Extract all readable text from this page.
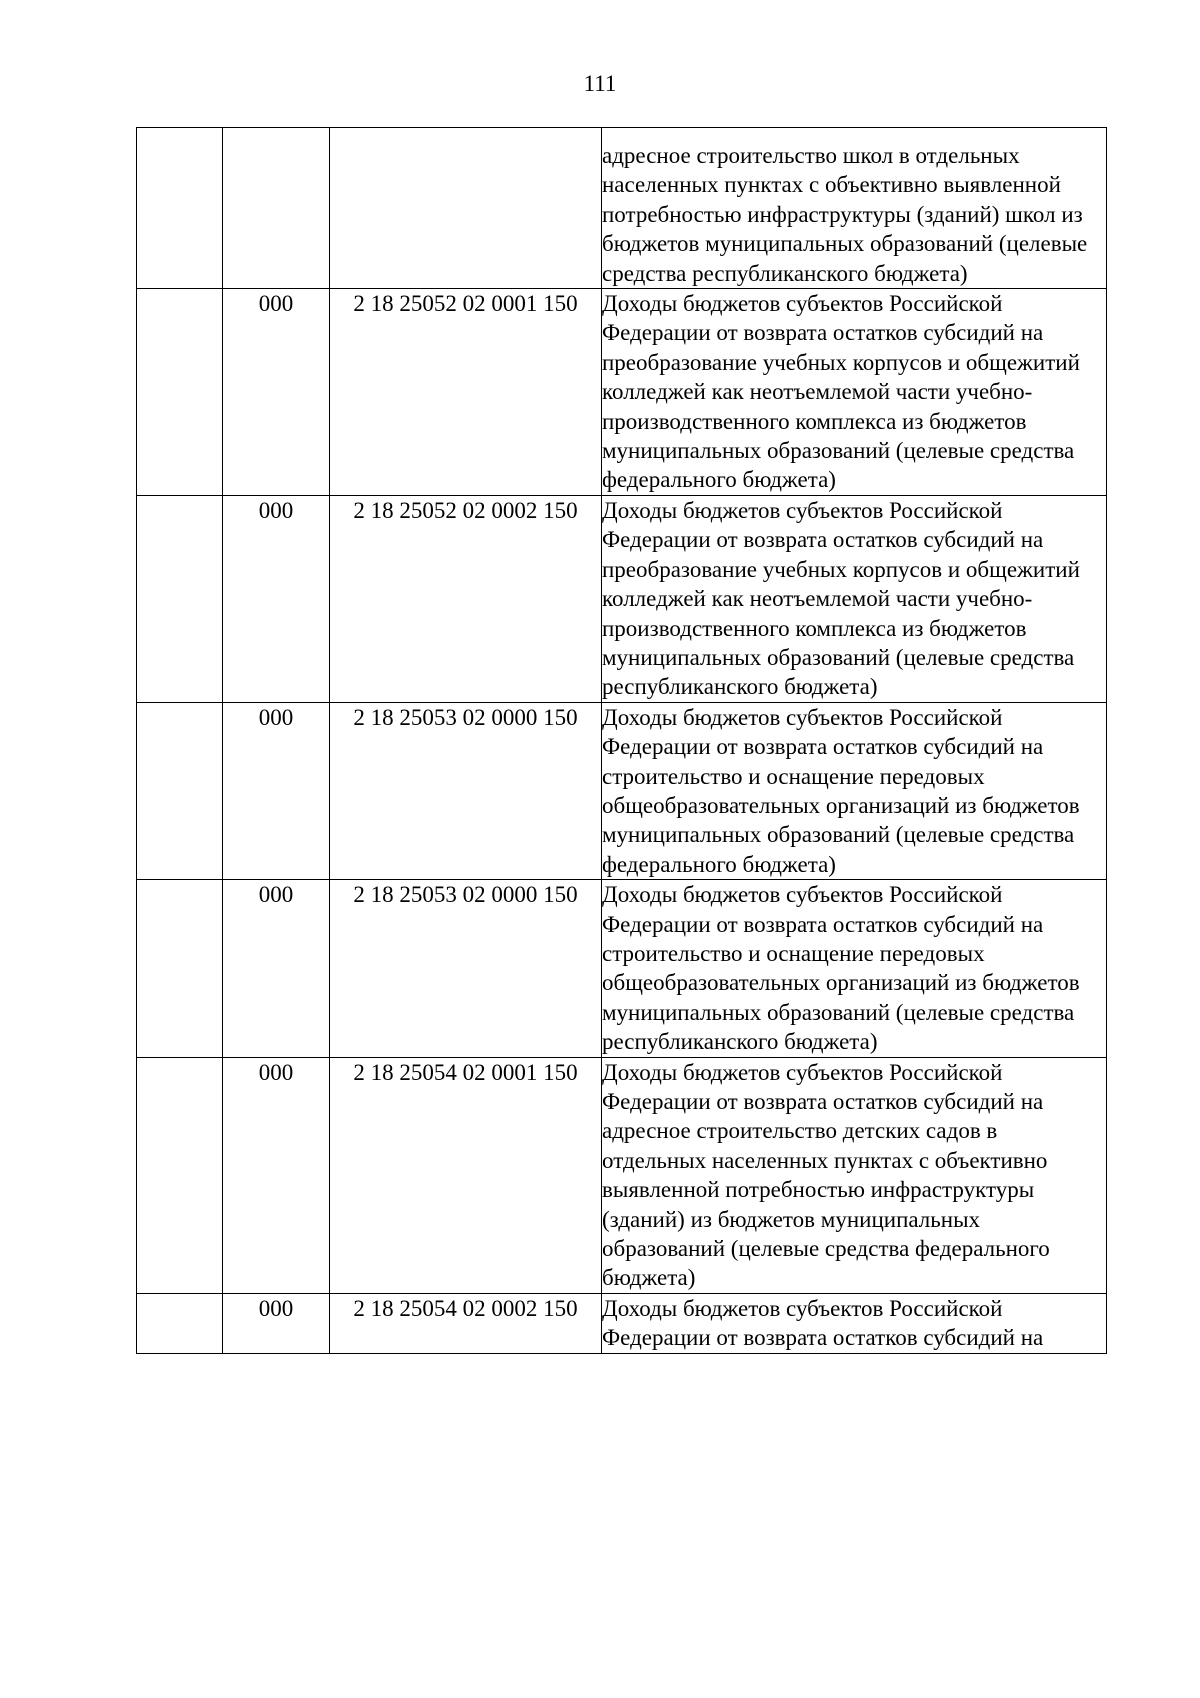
111
			адресное строительство школ в отдельных населенных пунктах с объективно выявленной потребностью инфраструктуры (зданий) школ из бюджетов муниципальных образований (целевые средства республиканского бюджета)
	000	2 18 25052 02 0001 150	Доходы бюджетов субъектов Российской Федерации от возврата остатков субсидий на преобразование учебных корпусов и общежитий колледжей как неотъемлемой части учебно-производственного комплекса из бюджетов муниципальных образований (целевые средства федерального бюджета)
	000	2 18 25052 02 0002 150	Доходы бюджетов субъектов Российской Федерации от возврата остатков субсидий на преобразование учебных корпусов и общежитий колледжей как неотъемлемой части учебно-производственного комплекса из бюджетов муниципальных образований (целевые средства республиканского бюджета)
	000	2 18 25053 02 0000 150	Доходы бюджетов субъектов Российской Федерации от возврата остатков субсидий на строительство и оснащение передовых общеобразовательных организаций из бюджетов муниципальных образований (целевые средства федерального бюджета)
	000	2 18 25053 02 0000 150	Доходы бюджетов субъектов Российской Федерации от возврата остатков субсидий на строительство и оснащение передовых общеобразовательных организаций из бюджетов муниципальных образований (целевые средства республиканского бюджета)
	000	2 18 25054 02 0001 150	Доходы бюджетов субъектов Российской Федерации от возврата остатков субсидий на адресное строительство детских садов в отдельных населенных пунктах с объективно выявленной потребностью инфраструктуры (зданий) из бюджетов муниципальных образований (целевые средства федерального бюджета)
	000	2 18 25054 02 0002 150	Доходы бюджетов субъектов Российской Федерации от возврата остатков субсидий на
